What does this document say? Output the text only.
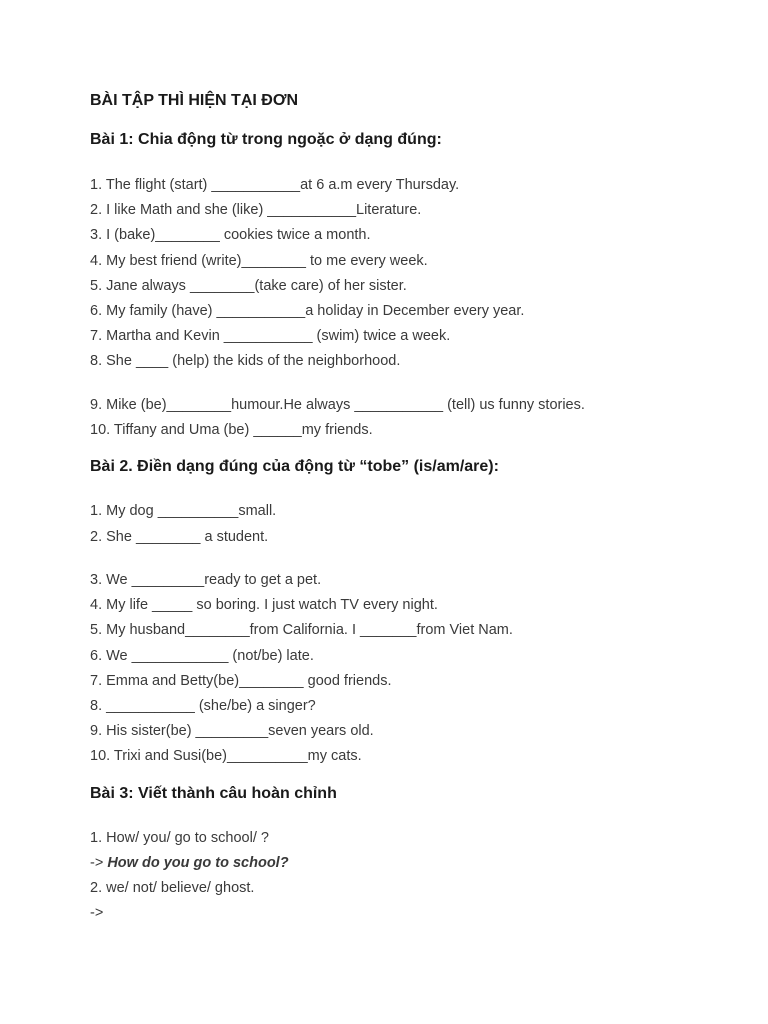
BÀI TẬP THÌ HIỆN TẠI ĐƠN
Bài 1: Chia động từ trong ngoặc ở dạng đúng:
1. The flight (start) ___________at 6 a.m every Thursday.
2. I like Math and she (like) ___________Literature.
3. I (bake)________ cookies twice a month.
4. My best friend (write)________ to me every week.
5. Jane always ________(take care) of her sister.
6. My family (have) ___________a holiday in December every year.
7. Martha and Kevin ___________ (swim) twice a week.
8. She ____ (help) the kids of the neighborhood.
9. Mike (be)________humour.He always ___________ (tell) us funny stories.
10. Tiffany and Uma (be) ______my friends.
Bài 2. Điền dạng đúng của động từ “tobe” (is/am/are):
1. My dog __________small.
2. She ________ a student.
3. We _________ready to get a pet.
4. My life _____ so boring. I just watch TV every night.
5. My husband________from California. I _______from Viet Nam.
6. We ____________ (not/be) late.
7. Emma and Betty(be)________ good friends.
8. ___________ (she/be) a singer?
9. His sister(be) _________seven years old.
10. Trixi and Susi(be)__________my cats.
Bài 3: Viết thành câu hoàn chỉnh
1. How/ you/ go to school/ ?
-> How do you go to school?
2. we/ not/ believe/ ghost.
->
